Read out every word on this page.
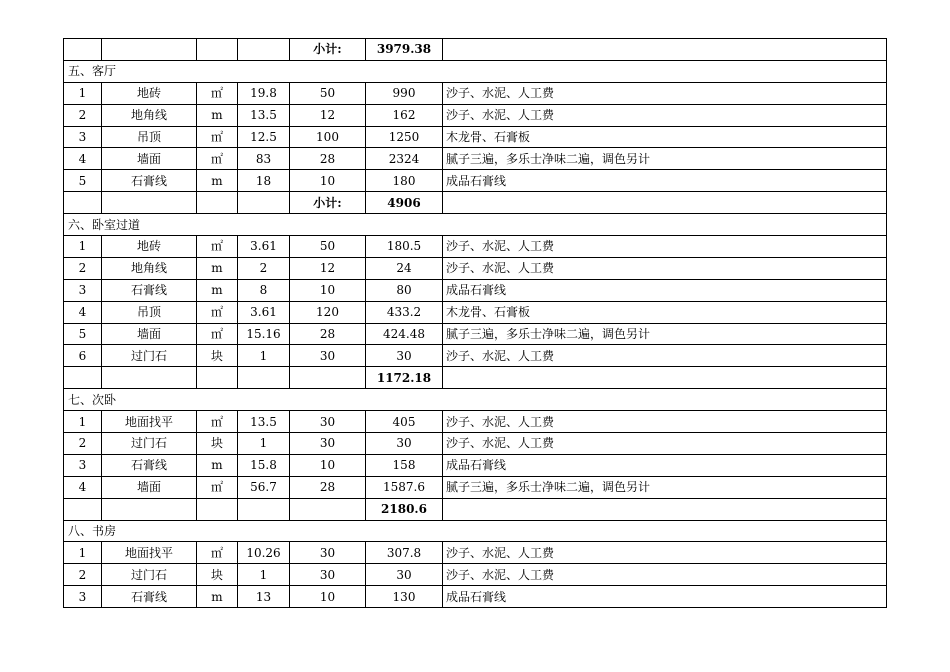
				小计:	3979.38	
五、客厅						
1	地砖	㎡	19.8	50	990	沙子、水泥、人工费
2	地角线	m	13.5	12	162	沙子、水泥、人工费
3	吊顶	㎡	12.5	100	1250	木龙骨、石膏板
4	墙面	㎡	83	28	2324	腻子三遍，多乐士净味二遍，调色另计
5	石膏线	m	18	10	180	成品石膏线
				小计:	4906	
六、卧室过道						
1	地砖	㎡	3.61	50	180.5	沙子、水泥、人工费
2	地角线	m	2	12	24	沙子、水泥、人工费
3	石膏线	m	8	10	80	成品石膏线
4	吊顶	㎡	3.61	120	433.2	木龙骨、石膏板
5	墙面	㎡	15.16	28	424.48	腻子三遍，多乐士净味二遍，调色另计
6	过门石	块	1	30	30	沙子、水泥、人工费
					1172.18	
七、次卧						
1	地面找平	㎡	13.5	30	405	沙子、水泥、人工费
2	过门石	块	1	30	30	沙子、水泥、人工费
3	石膏线	m	15.8	10	158	成品石膏线
4	墙面	㎡	56.7	28	1587.6	腻子三遍，多乐士净味二遍，调色另计
					2180.6	
八、书房						
1	地面找平	㎡	10.26	30	307.8	沙子、水泥、人工费
2	过门石	块	1	30	30	沙子、水泥、人工费
3	石膏线	m	13	10	130	成品石膏线
